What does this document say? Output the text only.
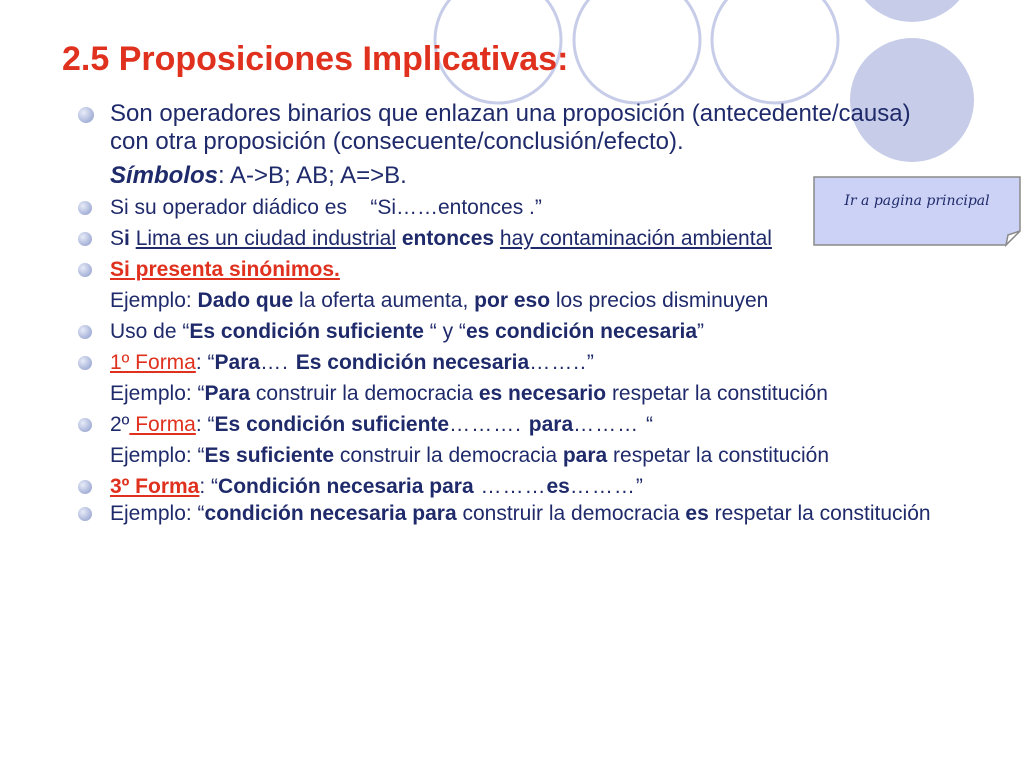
2.5 Proposiciones Implicativas:
Ir a pagina principal
Son operadores binarios que enlazan una proposición (antecedente/causa) con otra proposición (consecuente/conclusión/efecto).
Símbolos: A->B; AB; A=>B.
Si su operador diádico es “Si……entonces .”
Si Lima es un ciudad industrial entonces hay contaminación ambiental
Si presenta sinónimos.
Ejemplo: Dado que la oferta aumenta, por eso los precios disminuyen
Uso de “Es condición suficiente “ y “es condición necesaria”
1º Forma: “Para…. Es condición necesaria……..”
Ejemplo: “Para construir la democracia es necesario respetar la constitución
2º Forma: “Es condición suficiente………. para……… “
Ejemplo: “Es suficiente construir la democracia para respetar la constitución
3º Forma: “Condición necesaria para ………es………”
Ejemplo: “condición necesaria para construir la democracia es respetar la constitución
